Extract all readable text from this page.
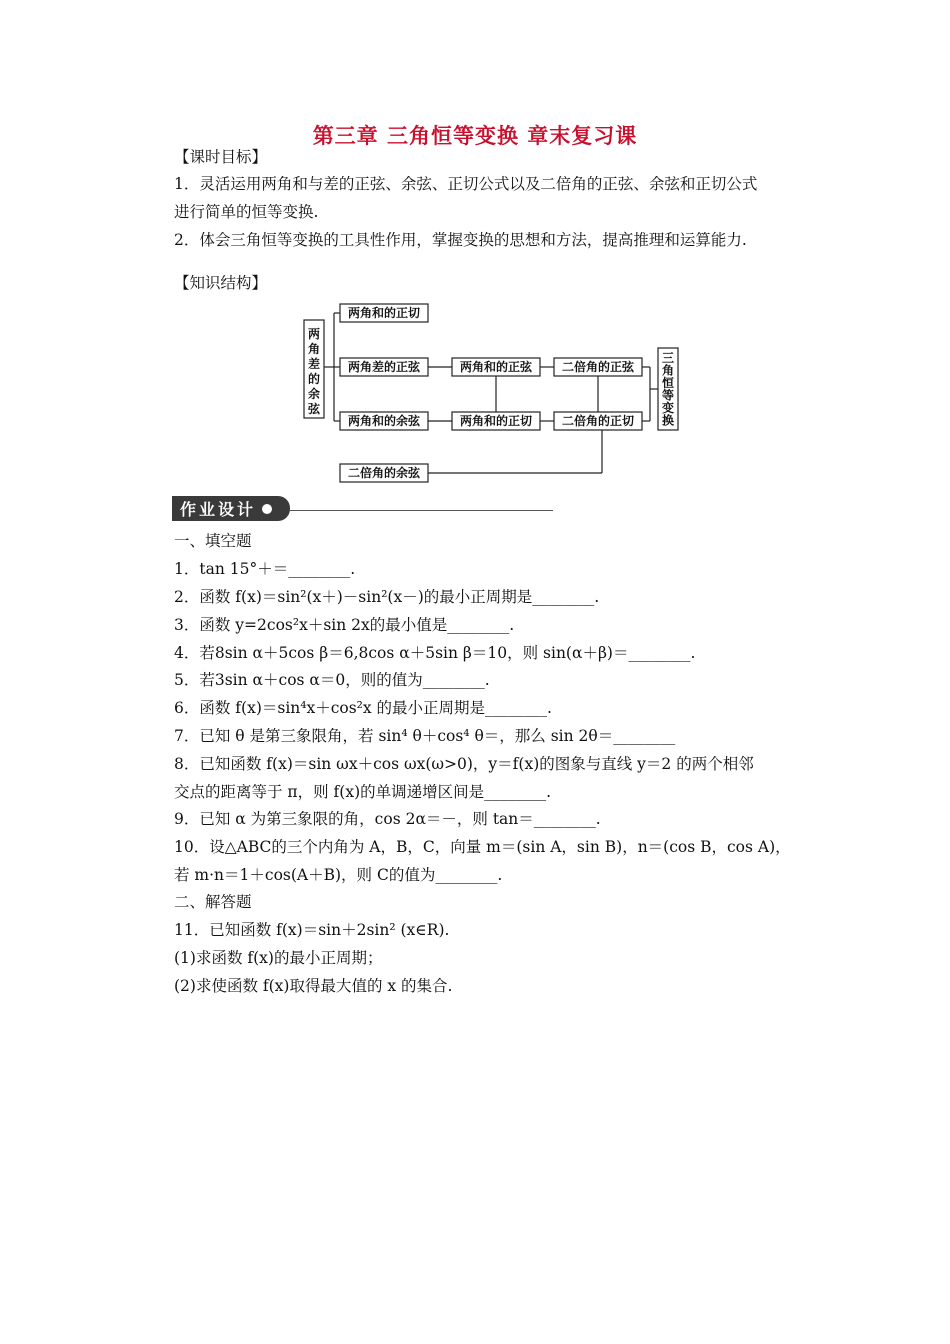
第三章 三角恒等变换 章末复习课
【课时目标】
1．灵活运用两角和与差的正弦、余弦、正切公式以及二倍角的正弦、余弦和正切公式
进行简单的恒等变换.
2．体会三角恒等变换的工具性作用，掌握变换的思想和方法，提高推理和运算能力.
【知识结构】
两角和的正切
两角差的正弦
两角和的余弦
二倍角的余弦
两角和的正弦
两角和的正切
二倍角的正弦
二倍角的正切
两
角
差
的
余
弦
三
角
恒
等
变
换
作业设计
一、填空题
1．tan 15°＋＝________.
2．函数 f(x)＝sin²(x＋)－sin²(x－)的最小正周期是________.
3．函数 y=2cos²x＋sin 2x的最小值是________.
4．若8sin α＋5cos β＝6,8cos α＋5sin β＝10，则 sin(α＋β)＝________.
5．若3sin α＋cos α＝0，则的值为________.
6．函数 f(x)＝sin⁴x＋cos²x 的最小正周期是________.
7．已知 θ 是第三象限角，若 sin⁴ θ＋cos⁴ θ＝，那么 sin 2θ＝________
8．已知函数 f(x)＝sin ωx＋cos ωx(ω>0)，y＝f(x)的图象与直线 y＝2 的两个相邻
交点的距离等于 π，则 f(x)的单调递增区间是________.
9．已知 α 为第三象限的角，cos 2α＝－，则 tan＝________.
10．设△ABC的三个内角为 A，B，C，向量 m＝(sin A，sin B)，n＝(cos B，cos A)，
若 m·n＝1＋cos(A＋B)，则 C的值为________.
二、解答题
11．已知函数 f(x)＝sin＋2sin² (x∈R).
(1)求函数 f(x)的最小正周期；
(2)求使函数 f(x)取得最大值的 x 的集合.
